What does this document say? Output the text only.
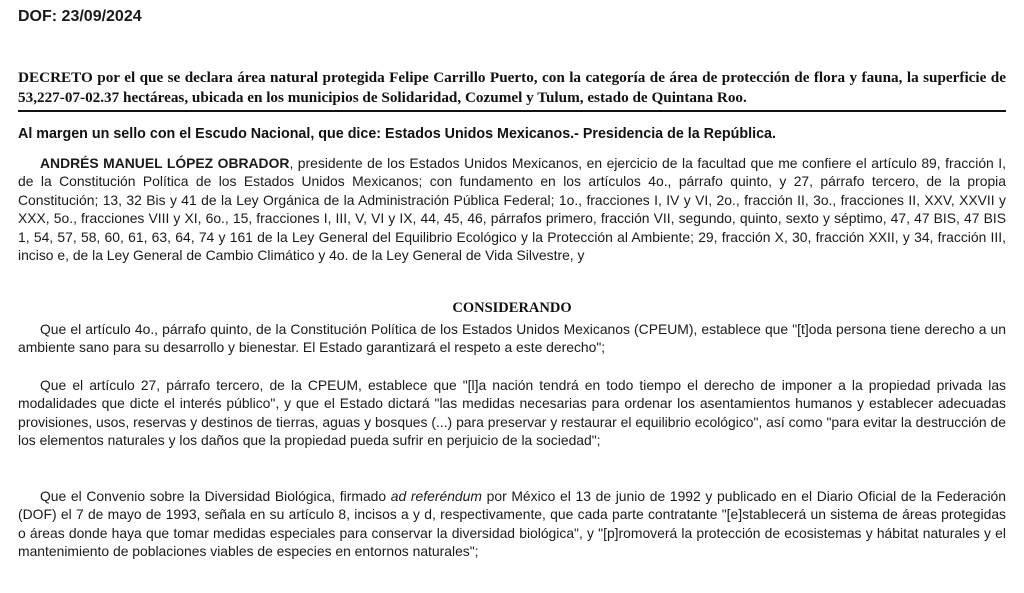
DOF: 23/09/2024

DECRETO por el que se declara área natural protegida Felipe Carrillo Puerto, con la categoría de área de protección de flora y fauna, la superficie de 53,227-07-02.37 hectáreas, ubicada en los municipios de Solidaridad, Cozumel y Tulum, estado de Quintana Roo.

Al margen un sello con el Escudo Nacional, que dice: Estados Unidos Mexicanos.- Presidencia de la República.

ANDRÉS MANUEL LÓPEZ OBRADOR, presidente de los Estados Unidos Mexicanos, en ejercicio de la facultad que me confiere el artículo 89, fracción I, de la Constitución Política de los Estados Unidos Mexicanos; con fundamento en los artículos 4o., párrafo quinto, y 27, párrafo tercero, de la propia Constitución; 13, 32 Bis y 41 de la Ley Orgánica de la Administración Pública Federal; 1o., fracciones I, IV y VI, 2o., fracción II, 3o., fracciones II, XXV, XXVII y XXX, 5o., fracciones VIII y XI, 6o., 15, fracciones I, III, V, VI y IX, 44, 45, 46, párrafos primero, fracción VII, segundo, quinto, sexto y séptimo, 47, 47 BIS, 47 BIS 1, 54, 57, 58, 60, 61, 63, 64, 74 y 161 de la Ley General del Equilibrio Ecológico y la Protección al Ambiente; 29, fracción X, 30, fracción XXII, y 34, fracción III, inciso e, de la Ley General de Cambio Climático y 4o. de la Ley General de Vida Silvestre, y

CONSIDERANDO

Que el artículo 4o., párrafo quinto, de la Constitución Política de los Estados Unidos Mexicanos (CPEUM), establece que "[t]oda persona tiene derecho a un ambiente sano para su desarrollo y bienestar. El Estado garantizará el respeto a este derecho";

Que el artículo 27, párrafo tercero, de la CPEUM, establece que "[l]a nación tendrá en todo tiempo el derecho de imponer a la propiedad privada las modalidades que dicte el interés público", y que el Estado dictará "las medidas necesarias para ordenar los asentamientos humanos y establecer adecuadas provisiones, usos, reservas y destinos de tierras, aguas y bosques (...) para preservar y restaurar el equilibrio ecológico", así como "para evitar la destrucción de los elementos naturales y los daños que la propiedad pueda sufrir en perjuicio de la sociedad";

Que el Convenio sobre la Diversidad Biológica, firmado ad referéndum por México el 13 de junio de 1992 y publicado en el Diario Oficial de la Federación (DOF) el 7 de mayo de 1993, señala en su artículo 8, incisos a y d, respectivamente, que cada parte contratante "[e]stablecerá un sistema de áreas protegidas o áreas donde haya que tomar medidas especiales para conservar la diversidad biológica", y "[p]romoverá la protección de ecosistemas y hábitat naturales y el mantenimiento de poblaciones viables de especies en entornos naturales";
